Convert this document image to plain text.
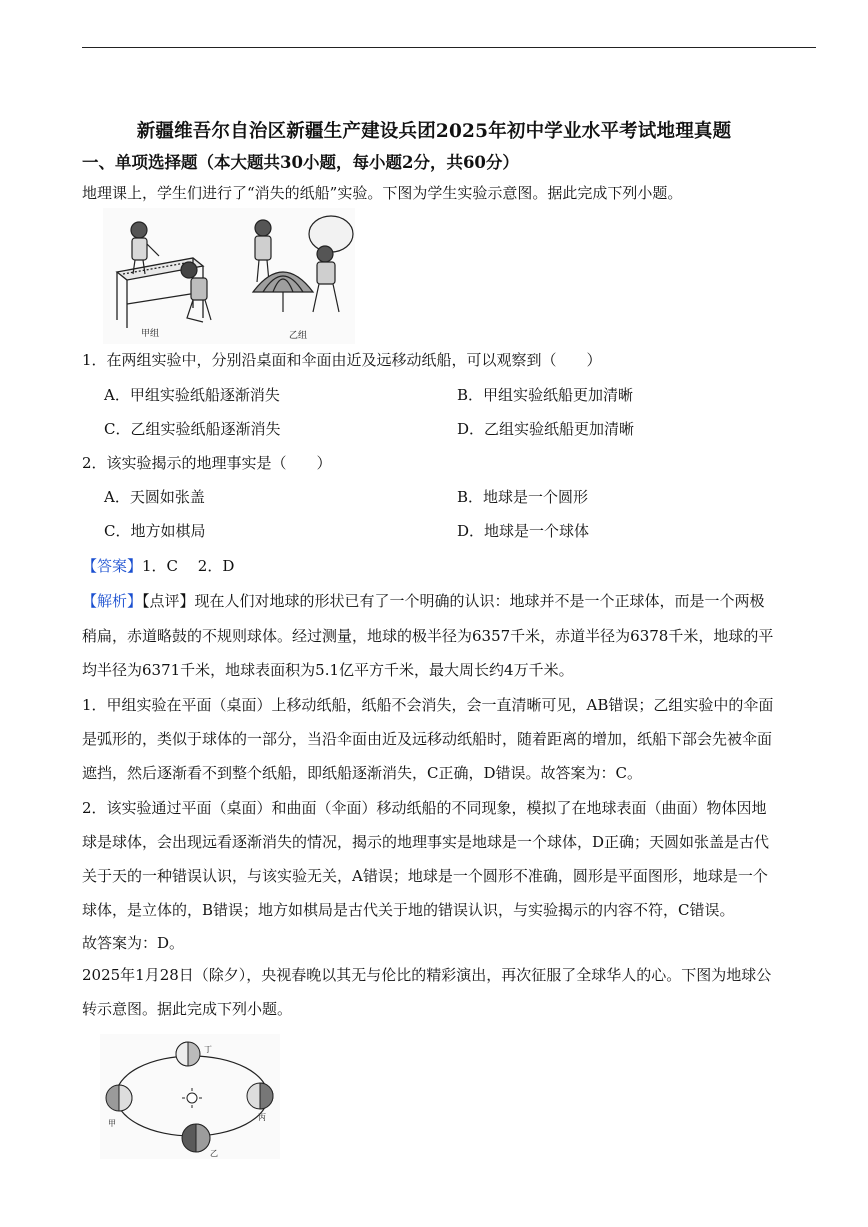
新疆维吾尔自治区新疆生产建设兵团2025年初中学业水平考试地理真题
一、单项选择题（本大题共30小题，每小题2分，共60分）
地理课上，学生们进行了“消失的纸船”实验。下图为学生实验示意图。据此完成下列小题。
甲组	乙组
1．在两组实验中，分别沿桌面和伞面由近及远移动纸船，可以观察到（　　）
A．甲组实验纸船逐渐消失	B．甲组实验纸船更加清晰
C．乙组实验纸船逐渐消失	D．乙组实验纸船更加清晰
2．该实验揭示的地理事实是（　　）
A．天圆如张盖	B．地球是一个圆形
C．地方如棋局	D．地球是一个球体
【答案】1．C　 2．D
【解析】【点评】现在人们对地球的形状已有了一个明确的认识：地球并不是一个正球体，而是一个两极
稍扁，赤道略鼓的不规则球体。经过测量，地球的极半径为6357千米，赤道半径为6378千米，地球的平
均半径为6371千米，地球表面积为5.1亿平方千米，最大周长约4万千米。
1．甲组实验在平面（桌面）上移动纸船，纸船不会消失，会一直清晰可见，AB错误；乙组实验中的伞面
是弧形的，类似于球体的一部分，当沿伞面由近及远移动纸船时，随着距离的增加，纸船下部会先被伞面
遮挡，然后逐渐看不到整个纸船，即纸船逐渐消失，C正确，D错误。故答案为：C。
2．该实验通过平面（桌面）和曲面（伞面）移动纸船的不同现象，模拟了在地球表面（曲面）物体因地
球是球体，会出现远看逐渐消失的情况，揭示的地理事实是地球是一个球体，D正确；天圆如张盖是古代
关于天的一种错误认识，与该实验无关，A错误；地球是一个圆形不准确，圆形是平面图形，地球是一个
球体，是立体的，B错误；地方如棋局是古代关于地的错误认识，与实验揭示的内容不符，C错误。
故答案为：D。
2025年1月28日（除夕），央视春晚以其无与伦比的精彩演出，再次征服了全球华人的心。下图为地球公
转示意图。据此完成下列小题。
甲
乙
丙
丁
